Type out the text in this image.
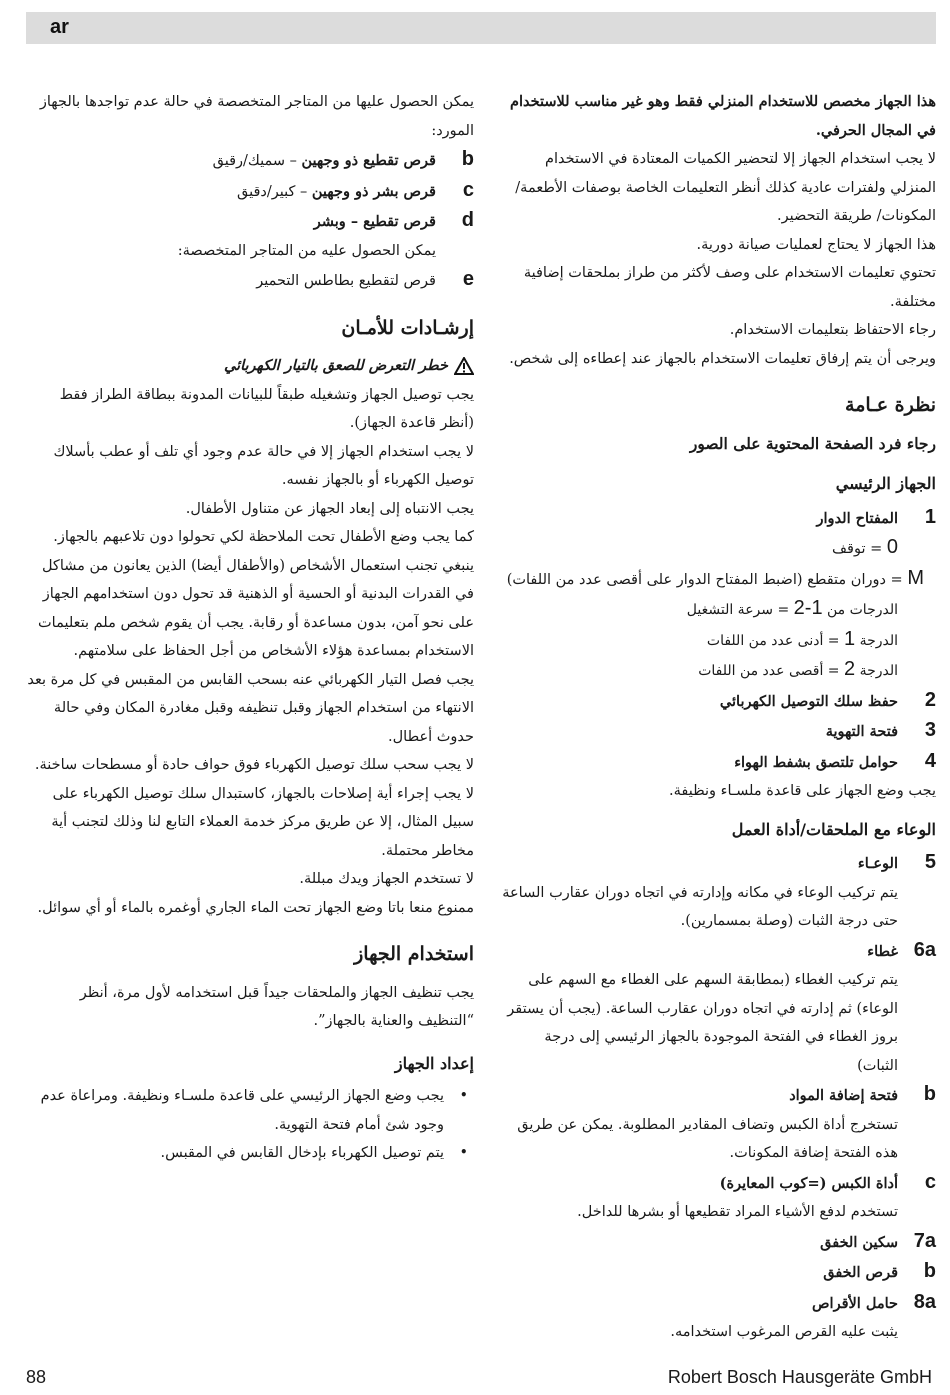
ar

هذا الجهاز مخصص للاستخدام المنزلي فقط وهو غير مناسب للاستخدام في المجال الحرفي.

لا يجب استخدام الجهاز إلا لتحضير الكميات المعتادة في الاستخدام المنزلي ولفترات عادية كذلك أنظر التعليمات الخاصة بوصفات الأطعمة/المكونات/ طريقة التحضير.

هذا الجهاز لا يحتاج لعمليات صيانة دورية.

تحتوي تعليمات الاستخدام على وصف لأكثر من طراز بملحقات إضافية مختلفة.

رجاء الاحتفاظ بتعليمات الاستخدام.

ويرجى أن يتم إرفاق تعليمات الاستخدام بالجهاز عند إعطاءه إلى شخص.

نظرة عـامة

رجاء فرد الصفحة المحتوية على الصور

الجهاز الرئيسي

1
المفتاح الدوار

0 = توقف

M = دوران متقطع (اضبط المفتاح الدوار على أقصى عدد من اللفات)

الدرجات من 1-2 = سرعة التشغيل

الدرجة 1 = أدنى عدد من اللفات

الدرجة 2 = أقصى عدد من اللفات

2
حفظ سلك التوصيل الكهربائي
3
فتحة التهوية
4
حوامل تلتصق بشفط الهواء

يجب وضع الجهاز على قاعدة ملسـاء ونظيفة.

الوعاء مع الملحقات/أداة العمل

5
الوعـاء

يتم تركيب الوعاء في مكانه وإدارته في اتجاه دوران عقارب الساعة حتى درجة الثبات (وصلة بمسمارين).

6a
غطاء

يتم تركيب الغطاء (بمطابقة السهم على الغطاء مع السهم على الوعاء) ثم إدارته في اتجاه دوران عقارب الساعة. (يجب أن يستقر بروز الغطاء في الفتحة الموجودة بالجهاز الرئيسي إلى درجة الثبات)

b
فتحة إضافة المواد

تستخرج أداة الكبس وتضاف المقادير المطلوبة. يمكن عن طريق هذه الفتحة إضافة المكونات.

c
أداة الكبس (=كوب المعايرة)

تستخدم لدفع الأشياء المراد تقطيعها أو بشرها للداخل.

7a
سكين الخفق
b
قرص الخفق
8a
حامل الأقراص

يثبت عليه القرص المرغوب استخدامه.

يمكن الحصول عليها من المتاجر المتخصصة في حالة عدم تواجدها بالجهاز المورد:

b
قرص تقطيع ذو وجهين – سميك/رقيق
c
قرص بشر ذو وجهين – كبير/دقيق
d
قرص تقطيع – وبشر

يمكن الحصول عليه من المتاجر المتخصصة:

e
قرص لتقطيع بطاطس التحمير

إرشـادات للأمـان

خطر التعرض للصعق بالتيار الكهربائي

يجب توصيل الجهاز وتشغيله طبقاً للبيانات المدونة ببطاقة الطراز فقط (أنظر قاعدة الجهاز).

لا يجب استخدام الجهاز إلا في حالة عدم وجود أي تلف أو عطب بأسلاك توصيل الكهرباء أو بالجهاز نفسه.

يجب الانتباه إلى إبعاد الجهاز عن متناول الأطفال.

كما يجب وضع الأطفال تحت الملاحظة لكي تحولوا دون تلاعبهم بالجهاز.

ينبغي تجنب استعمال الأشخاص (والأطفال أيضا) الذين يعانون من مشاكل في القدرات البدنية أو الحسية أو الذهنية قد تحول دون استخدامهم الجهاز على نحو آمن، بدون مساعدة أو رقابة. يجب أن يقوم شخص ملم بتعليمات الاستخدام بمساعدة هؤلاء الأشخاص من أجل الحفاظ على سلامتهم.

يجب فصل التيار الكهربائي عنه بسحب القابس من المقبس في كل مرة بعد الانتهاء من استخدام الجهاز وقبل تنظيفه وقبل مغادرة المكان وفي حالة حدوث أعطال.

لا يجب سحب سلك توصيل الكهرباء فوق حواف حادة أو مسطحات ساخنة.

لا يجب إجراء أية إصلاحات بالجهاز، كاستبدال سلك توصيل الكهرباء على سبيل المثال، إلا عن طريق مركز خدمة العملاء التابع لنا وذلك لتجنب أية مخاطر محتملة.

لا تستخدم الجهاز ويدك مبللة.

ممنوع منعا باتا وضع الجهاز تحت الماء الجاري أوغمره بالماء أو أي سوائل.

استخدام الجهاز

يجب تنظيف الجهاز والملحقات جيداً قبل استخدامه لأول مرة، أنظر “التنظيف والعناية بالجهاز”.

إعداد الجهاز

• يجب وضع الجهاز الرئيسي على قاعدة ملسـاء ونظيفة. ومراعاة عدم وجود شئ أمام فتحة التهوية.

• يتم توصيل الكهرباء بإدخال القابس في المقبس.

88	Robert Bosch Hausgeräte GmbH
